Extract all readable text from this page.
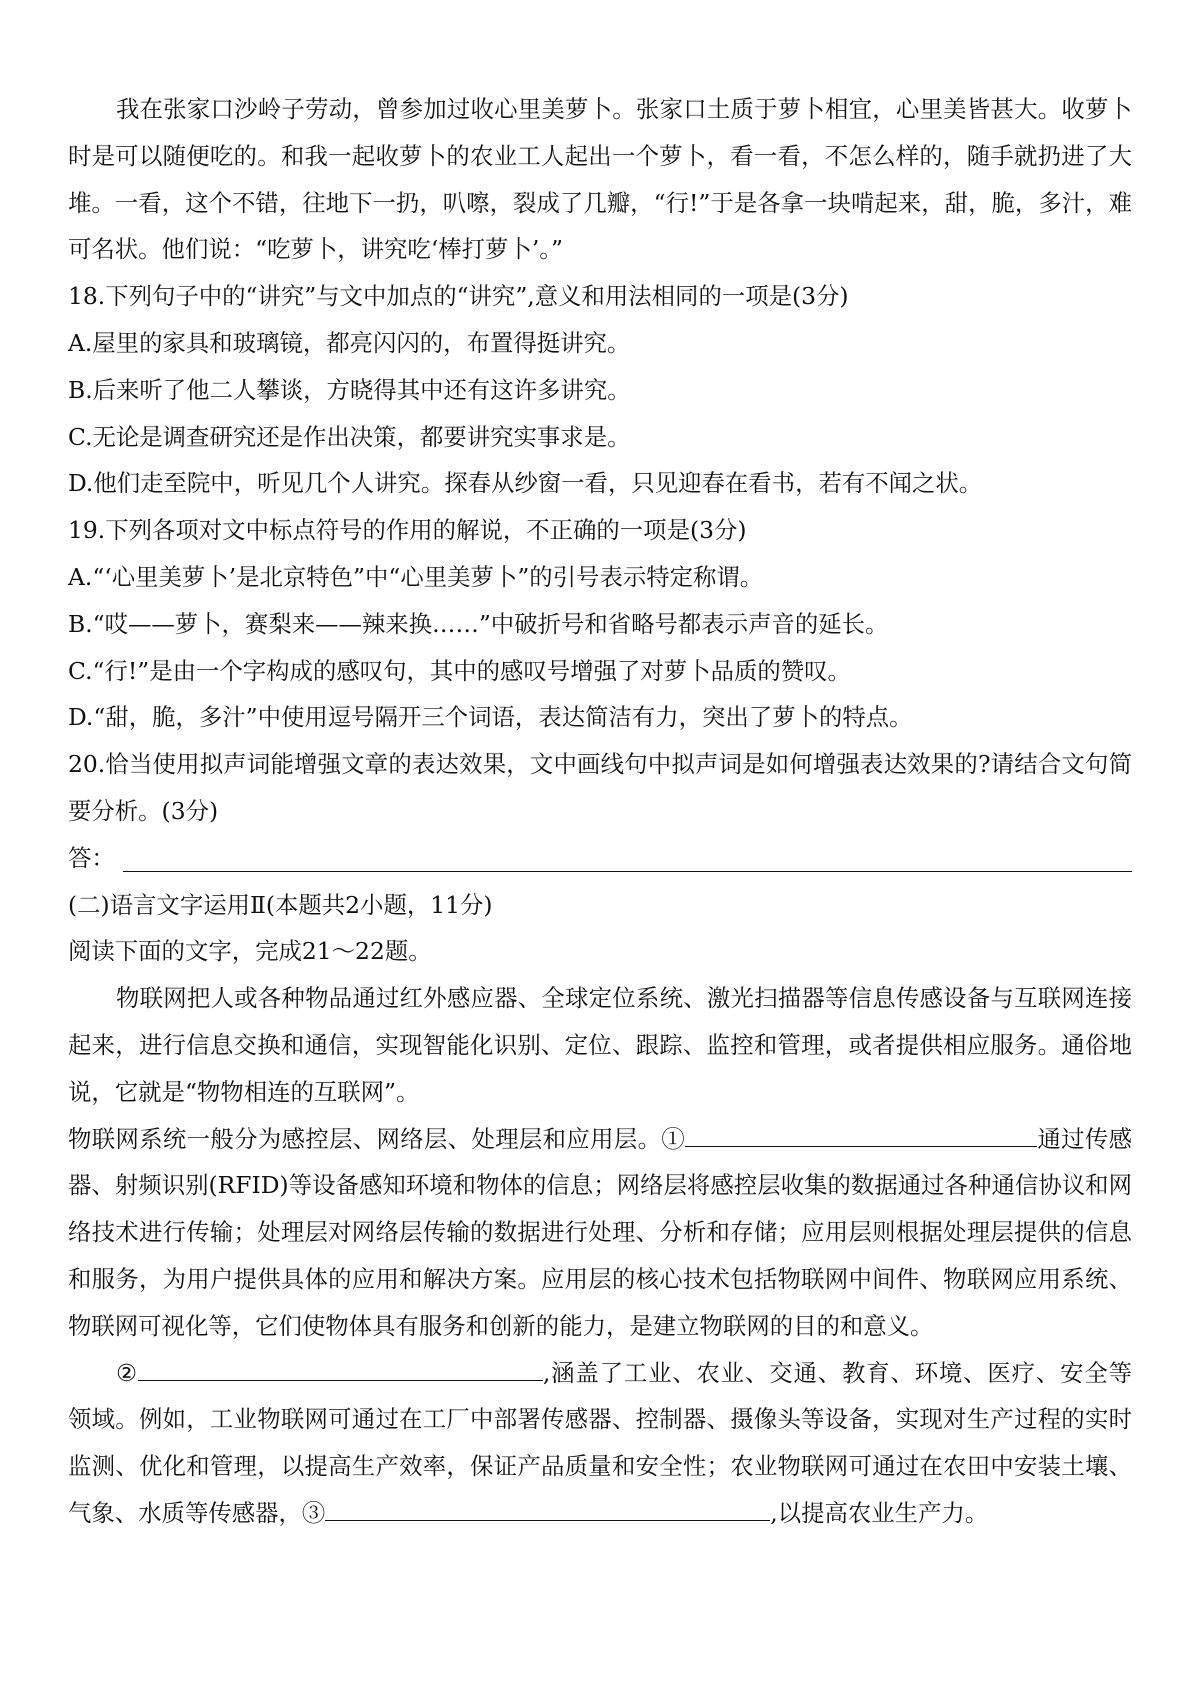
我在张家口沙岭子劳动，曾参加过收心里美萝卜。张家口土质于萝卜相宜，心里美皆甚大。收萝卜时是可以随便吃的。和我一起收萝卜的农业工人起出一个萝卜，看一看，不怎么样的，随手就扔进了大堆。一看，这个不错，往地下一扔，叭嚓，裂成了几瓣，“行!”于是各拿一块啃起来，甜，脆，多汁，难可名状。他们说：“吃萝卜，讲究吃‘棒打萝卜’。”

18.下列句子中的“讲究”与文中加点的“讲究”,意义和用法相同的一项是(3分)

A.屋里的家具和玻璃镜，都亮闪闪的，布置得挺讲究。

B.后来听了他二人攀谈，方晓得其中还有这许多讲究。

C.无论是调查研究还是作出决策，都要讲究实事求是。

D.他们走至院中，听见几个人讲究。探春从纱窗一看，只见迎春在看书，若有不闻之状。

19.下列各项对文中标点符号的作用的解说，不正确的一项是(3分)

A.“‘心里美萝卜’是北京特色”中“心里美萝卜”的引号表示特定称谓。

B.“哎——萝卜，赛梨来——辣来换……”中破折号和省略号都表示声音的延长。

C.“行!”是由一个字构成的感叹句，其中的感叹号增强了对萝卜品质的赞叹。

D.“甜，脆，多汁”中使用逗号隔开三个词语，表达简洁有力，突出了萝卜的特点。

20.恰当使用拟声词能增强文章的表达效果，文中画线句中拟声词是如何增强表达效果的?请结合文句简要分析。(3分)

答：

(二)语言文字运用Ⅱ(本题共2小题，11分)

阅读下面的文字，完成21～22题。

物联网把人或各种物品通过红外感应器、全球定位系统、激光扫描器等信息传感设备与互联网连接起来，进行信息交换和通信，实现智能化识别、定位、跟踪、监控和管理，或者提供相应服务。通俗地说，它就是“物物相连的互联网”。

物联网系统一般分为感控层、网络层、处理层和应用层。①	通过传感器、射频识别(RFID)等设备感知环境和物体的信息；网络层将感控层收集的数据通过各种通信协议和网络技术进行传输；处理层对网络层传输的数据进行处理、分析和存储；应用层则根据处理层提供的信息和服务，为用户提供具体的应用和解决方案。应用层的核心技术包括物联网中间件、物联网应用系统、物联网可视化等，它们使物体具有服务和创新的能力，是建立物联网的目的和意义。

②	,涵盖了工业、农业、交通、教育、环境、医疗、安全等领域。例如，工业物联网可通过在工厂中部署传感器、控制器、摄像头等设备，实现对生产过程的实时监测、优化和管理，以提高生产效率，保证产品质量和安全性；农业物联网可通过在农田中安装土壤、气象、水质等传感器，③	,以提高农业生产力。
